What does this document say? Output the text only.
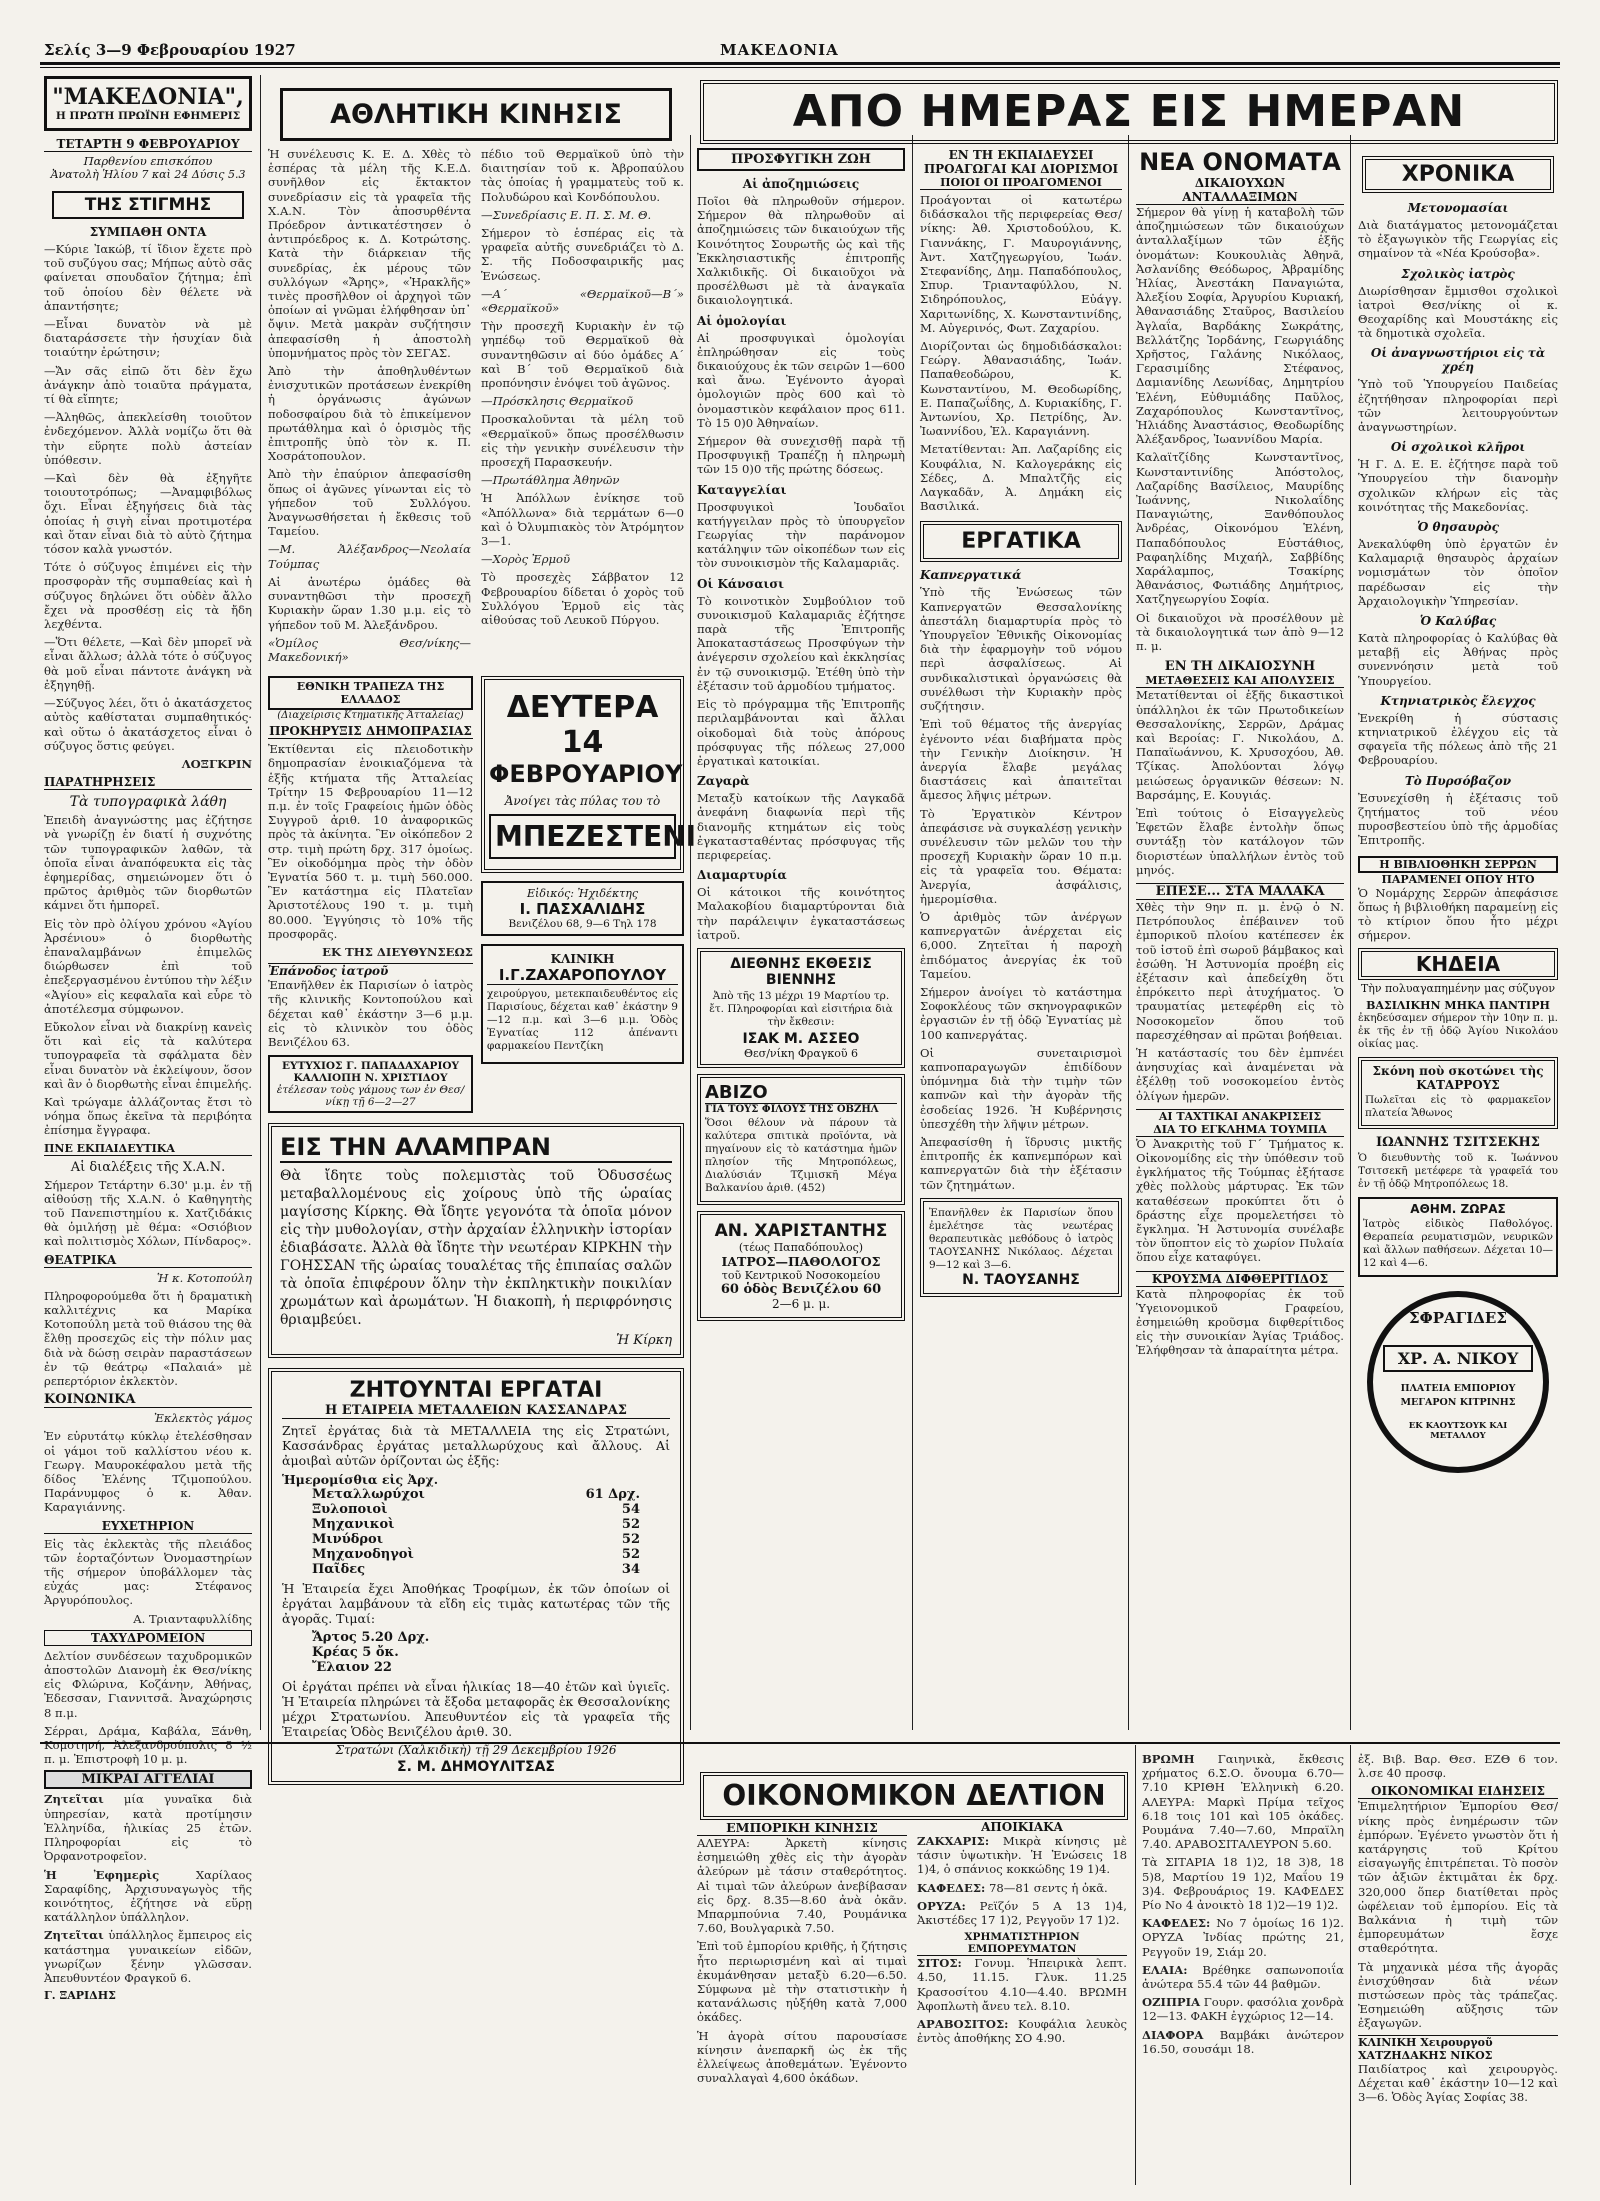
Σελίς 3—9 Φεβρουαρίου 1927	ΜΑΚΕΔΟΝΙΑ
"ΜΑΚΕΔΟΝΙΑ",
Η ΠΡΩΤΗ ΠΡΩΪΝΗ ΕΦΗΜΕΡΙΣ
ΤΕΤΑΡΤΗ 9 ΦΕΒΡΟΥΑΡΙΟΥ
Παρθενίου επισκόπου
Ἀνατολὴ Ἡλίου 7 καὶ 24 Δύσις 5.3
ΤΗΣ ΣΤΙΓΜΗΣ
ΣΥΜΠΑΘΗ ΟΝΤΑ

—Κύριε Ἰακώβ, τί ἴδιον ἔχετε πρὸ τοῦ συζύγου σας; Μήπως αὐτὸ σᾶς φαίνεται σπουδαῖον ζήτημα; ἐπὶ τοῦ ὁποίου δὲν θέλετε νὰ ἀπαντήσητε;

—Εἶναι δυνατὸν νὰ μὲ διαταράσσετε τὴν ἡσυχίαν διὰ τοιαύτην ἐρώτησιν;

—Ἄν σᾶς εἰπῶ ὅτι δὲν ἔχω ἀνάγκην ἀπὸ τοιαῦτα πράγματα, τί θὰ εἴπητε;

—Ἀληθῶς, ἀπεκλείσθη τοιοῦτον ἐνδεχόμενον. Ἀλλὰ νομίζω ὅτι θὰ τὴν εὕρητε πολὺ ἀστείαν ὑπόθεσιν.

—Καὶ δὲν θὰ ἐξηγῆτε τοιουτοτρόπως; —Ἀναμφιβόλως ὄχι. Εἶναι ἐξηγήσεις διὰ τὰς ὁποίας ἡ σιγὴ εἶναι προτιμοτέρα καὶ ὅταν εἶναι διὰ τὸ αὐτὸ ζήτημα τόσον καλὰ γνωστόν.

Τότε ὁ σύζυγος ἐπιμένει εἰς τὴν προσφορὰν τῆς συμπαθείας καὶ ἡ σύζυγος δηλώνει ὅτι οὐδὲν ἄλλο ἔχει νὰ προσθέσῃ εἰς τὰ ἤδη λεχθέντα.

—Ὅτι θέλετε, —Καὶ δὲν μπορεῖ νὰ εἶναι ἄλλωσ; ἀλλὰ τότε ὁ σύζυγος θὰ μοῦ εἶναι πάντοτε ἀνάγκη νὰ ἐξηγηθῇ.

—Σύζυγος λέει, ὅτι ὁ ἀκατάσχετος αὐτὸς καθίσταται συμπαθητικός· καὶ οὕτω ὁ ἀκατάσχετος εἶναι ὁ σύζυγος ὅστις φεύγει.

ΛΟΞΓΚΡΙΝ

ΠΑΡΑΤΗΡΗΣΕΙΣ
Τὰ τυπογραφικὰ λάθη

Ἐπειδὴ ἀναγνώστης μας ἐζήτησε νὰ γνωρίζῃ ἐν διατί ἡ συχνότης τῶν τυπογραφικῶν λαθῶν, τὰ ὁποῖα εἶναι ἀναπόφευκτα εἰς τὰς ἐφημερίδας, σημειώνομεν ὅτι ὁ πρῶτος ἀριθμὸς τῶν διορθωτῶν κάμνει ὅτι ἠμπορεῖ.

Εἰς τὸν πρὸ ὀλίγου χρόνου «Ἀγίου Ἀρσένιου» ὁ διορθωτὴς ἐπαναλαμβάνων ἐπιμελῶς διώρθωσεν ἐπὶ τοῦ ἐπεξεργασμένου ἐντύπου τὴν λέξιν «Ἀγίου» εἰς κεφαλαῖα καὶ εὗρε τὸ ἀποτέλεσμα σύμφωνον.

Εὔκολον εἶναι νὰ διακρίνῃ κανεὶς ὅτι καὶ εἰς τὰ καλύτερα τυπογραφεῖα τὰ σφάλματα δὲν εἶναι δυνατὸν νὰ ἐκλείψουν, ὅσον καὶ ἂν ὁ διορθωτὴς εἶναι ἐπιμελής.

Καὶ τρώγαμε ἀλλάζοντας ἔτσι τὸ νόημα ὅπως ἐκεῖνα τὰ περιβόητα ἐπίσημα ἔγγραφα.

ΠΝΕ ΕΚΠΑΙΔΕΥΤΙΚΑ
Αἱ διαλέξεις τῆς Χ.Α.Ν.

Σήμερον Τετάρτην 6.30' μ.μ. ἐν τῇ αἰθούσῃ τῆς Χ.Α.Ν. ὁ Καθηγητὴς τοῦ Πανεπιστημίου κ. Χατζιδάκις θὰ ὁμιλήσῃ μὲ θέμα: «Οσιόβιον καὶ πολιτισμὸς Χόλων, Πίνδαρος».

ΘΕΑΤΡΙΚΑ

Ἡ κ. Κοτοπούλη

Πληροφορούμεθα ὅτι ἡ δραματικὴ καλλιτέχνις κα Μαρίκα Κοτοπούλη μετὰ τοῦ θιάσου της θὰ ἔλθῃ προσεχῶς εἰς τὴν πόλιν μας διὰ νὰ δώσῃ σειρὰν παραστάσεων ἐν τῷ θεάτρῳ «Παλαιά» μὲ ρεπερτόριον ἐκλεκτὸν.

ΚΟΙΝΩΝΙΚΑ

Ἐκλεκτὸς γάμος

Ἐν εὐρυτάτῳ κύκλῳ ἐτελέσθησαν οἱ γάμοι τοῦ καλλίστου νέου κ. Γεωργ. Μαυροκέφαλου μετὰ τῆς δίδος Ἐλένης Τζιμοπούλου. Παράνυμφος ὁ κ. Ἀθαν. Καραγιάννης.

ΕΥΧΕΤΗΡΙΟΝ

Εἰς τὰς ἐκλεκτὰς τῆς πλειάδος τῶν ἑορταζόντων Ὀνομαστηρίων τῆς σήμερον ὑποβάλλομεν τὰς εὐχάς μας: Στέφανος Ἀργυρόπουλος.

Α. Τριανταφυλλίδης

ΤΑΧΥΔΡΟΜΕΙΟΝ

Δελτίον συνδέσεων ταχυδρομικῶν ἀποστολῶν Διανομὴ ἐκ Θεσ/νίκης εἰς Φλώρινα, Κοζάνην, Ἀθήνας, Ἐδεσσαν, Γιαννιτσᾶ. Ἀναχώρησις 8 π.μ.

Σέρραι, Δράμα, Καβάλα, Ξάνθη, Κομοτηνή, Ἀλεξανδρούπολις 8 ½ π. μ. Ἐπιστροφὴ 10 μ. μ.

ΜΙΚΡΑΙ ΑΓΓΕΛΙΑΙ

Ζητεῖται μία γυναῖκα διὰ ὑπηρεσίαν, κατὰ προτίμησιν Ἑλληνίδα, ἡλικίας 25 ἐτῶν. Πληροφορίαι εἰς τὸ Ὀρφανοτροφεῖον.

Ἡ Ἐφημερὶς Χαρίλαος Σαραφίδης, Ἀρχισυναγωγὸς τῆς κοινότητος, ἐζήτησε νὰ εὕρῃ κατάλληλον ὑπάλληλον.

Ζητεῖται ὑπάλληλος ἔμπειρος εἰς κατάστημα γυναικείων εἰδῶν, γνωρίζων ξένην γλῶσσαν. Ἀπευθυντέον Φραγκοῦ 6.

Γ. ΞΑΡΙΔΗΣ
ΑΘΛΗΤΙΚΗ ΚΙΝΗΣΙΣ

Ἡ συνέλευσις Κ. Ε. Δ. Χθὲς τὸ ἑσπέρας τὰ μέλη τῆς Κ.Ε.Δ. συνῆλθον εἰς ἔκτακτον συνεδρίασιν εἰς τὰ γραφεῖα τῆς Χ.Α.Ν. Τὸν ἀποσυρθέντα Πρόεδρον ἀντικατέστησεν ὁ ἀντιπρόεδρος κ. Δ. Κοτρώτσης. Κατὰ τὴν διάρκειαν τῆς συνεδρίας, ἐκ μέρους τῶν συλλόγων «Ἄρης», «Ἡρακλῆς» τινὲς προσῆλθον οἱ ἀρχηγοὶ τῶν ὁποίων αἱ γνῶμαι ἐλήφθησαν ὑπ᾽ ὄψιν. Μετὰ μακρὰν συζήτησιν ἀπεφασίσθη ἡ ἀποστολὴ ὑπομνήματος πρὸς τὸν ΣΕΓΑΣ.

Ἀπὸ τὴν ἀποθηλυθέντων ἐνισχυτικῶν προτάσεων ἐνεκρίθη ἡ ὀργάνωσις ἀγώνων ποδοσφαίρου διὰ τὸ ἐπικείμενον πρωτάθλημα καὶ ὁ ὁρισμὸς τῆς ἐπιτροπῆς ὑπὸ τὸν κ. Π. Χοσράτοπουλον.

Ἀπὸ τὴν ἐπαύριον ἀπεφασίσθη ὅπως οἱ ἀγῶνες γίνωνται εἰς τὸ γήπεδον τοῦ Συλλόγου. Ἀναγνωσθήσεται ἡ ἔκθεσις τοῦ Ταμείου.

—Μ. Ἀλέξανδρος—Νεολαία Τούμπας

Αἱ ἀνωτέρω ὁμάδες θὰ συναντηθῶσι τὴν προσεχῆ Κυριακὴν ὥραν 1.30 μ.μ. εἰς τὸ γήπεδον τοῦ Μ. Ἀλεξάνδρου.

«Ὁμίλος Θεσ/νίκης—Μακεδονική»

πέδιο τοῦ Θερμαϊκοῦ ὑπὸ τὴν διαιτησίαν τοῦ κ. Ἀβροπαύλου τὰς ὁποίας ἡ γραμματεὺς τοῦ κ. Πολυδώρου καὶ Κονδόπουλου.

—Συνεδρίασις Ε. Π. Σ. Μ. Θ.

Σήμερον τὸ ἑσπέρας εἰς τὰ γραφεῖα αὐτῆς συνεδριάζει τὸ Δ. Σ. τῆς Ποδοσφαιρικῆς μας Ἑνώσεως.

—Α΄ «Θερμαϊκοῦ—Β΄» «Θερμαϊκοῦ»

Τὴν προσεχῆ Κυριακὴν ἐν τῷ γηπέδῳ τοῦ Θερμαϊκοῦ θὰ συναντηθῶσιν αἱ δύο ὁμάδες Α΄ καὶ Β΄ τοῦ Θερμαϊκοῦ διὰ προπόνησιν ἐνόψει τοῦ ἀγῶνος.

—Πρόσκλησις Θερμαϊκοῦ

Προσκαλοῦνται τὰ μέλη τοῦ «Θερμαϊκοῦ» ὅπως προσέλθωσιν εἰς τὴν γενικὴν συνέλευσιν τὴν προσεχῆ Παρασκευήν.

—Πρωτάθλημα Ἀθηνῶν

Ἡ Ἀπόλλων ἐνίκησε τοῦ «Ἀπόλλωνα» διὰ τερμάτων 6—0 καὶ ὁ Ὀλυμπιακὸς τὸν Ἀτρόμητον 3—1.

—Χορὸς Ἐρμοῦ

Τὸ προσεχὲς Σάββατον 12 Φεβρουαρίου δίδεται ὁ χορὸς τοῦ Συλλόγου Ἐρμοῦ εἰς τὰς αἰθούσας τοῦ Λευκοῦ Πύργου.

ΕΘΝΙΚΗ ΤΡΑΠΕΖΑ ΤΗΣ ΕΛΛΑΔΟΣ
(Διαχείρισις Κτηματικῆς Ἀτταλείας)
ΠΡΟΚΗΡΥΞΙΣ ΔΗΜΟΠΡΑΣΙΑΣ

Ἐκτίθενται εἰς πλειοδοτικὴν δημοπρασίαν ἐνοικιαζόμενα τὰ ἑξῆς κτήματα τῆς Ἀτταλείας Τρίτην 15 Φεβρουαρίου 11—12 π.μ. ἐν τοῖς Γραφείοις ἡμῶν ὁδὸς Συγγροῦ ἀριθ. 10 ἀναφορικῶς πρὸς τὰ ἀκίνητα. Ἓν οἰκόπεδον 2 στρ. τιμὴ πρώτη δρχ. 317 ὁμοίως. Ἓν οἰκοδόμημα πρὸς τὴν ὁδὸν Ἐγνατία 560 τ. μ. τιμὴ 560.000. Ἓν κατάστημα εἰς Πλατεῖαν Ἀριστοτέλους 190 τ. μ. τιμὴ 80.000. Ἐγγύησις τὸ 10% τῆς προσφορᾶς.

ΕΚ ΤΗΣ ΔΙΕΥΘΥΝΣΕΩΣ

Ἐπάνοδος ἰατροῦ

Ἐπανῆλθεν ἐκ Παρισίων ὁ ἰατρὸς τῆς κλινικῆς Κοντοπούλου καὶ δέχεται καθ᾽ ἑκάστην 3—6 μ.μ. εἰς τὸ κλινικὸν του ὁδὸς Βενιζέλου 63.

ΕΥΤΥΧΙΟΣ Γ. ΠΑΠΑΔΑΧΑΡΙΟΥ
ΚΑΛΛΙΟΠΗ Ν. ΧΡΙΣΤΙΔΟΥ
ἐτέλεσαν τοὺς γάμους των ἐν Θεσ/νίκῃ τῇ 6—2—27
ΔΕΥΤΕΡΑ
14
ΦΕΒΡΟΥΑΡΙΟΥ
Ἀνοίγει τὰς πύλας του τὸ
ΜΠΕΖΕΣΤΕΝΙ
Εἰδικός: Ἠχιδέκτης
Ι. ΠΑΣΧΑΛΙΔΗΣ
Βενιζέλου 68, 9—6 Τηλ 178
ΚΛΙΝΙΚΗ
Ι.Γ.ΖΑΧΑΡΟΠΟΥΛΟΥ

χειρούργου, μετεκπαιδευθέντος εἰς Παρισίους, δέχεται καθ᾽ ἑκάστην 9—12 π.μ. καὶ 3—6 μ.μ. Ὁδὸς Ἐγνατίας 112 ἀπέναντι φαρμακείου Πεντζίκη

ΕΙΣ ΤΗΝ ΑΛΑΜΠΡΑΝ

Θὰ ἴδητε τοὺς πολεμιστὰς τοῦ Ὀδυσσέως μεταβαλλομένους εἰς χοίρους ὑπὸ τῆς ὡραίας μαγίσσης Κίρκης. Θὰ ἴδητε γεγονότα τὰ ὁποῖα μόνον εἰς τὴν μυθολογίαν, στὴν ἀρχαίαν ἑλληνικὴν ἱστορίαν ἐδιαβάσατε. Ἀλλὰ θὰ ἴδητε τὴν νεωτέραν ΚΙΡΚΗΝ τὴν ΓΟΗΣΣΑΝ τῆς ὡραίας τουαλέτας τῆς ἐπιπαίας σαλῶν τὰ ὁποῖα ἐπιφέρουν ὅλην τὴν ἐκπληκτικὴν ποικιλίαν χρωμάτων καὶ ἀρωμάτων. Ἡ διακοπὴ, ἡ περιφρόνησις θριαμβεύει.

Ἡ Κίρκη
ΖΗΤΟΥΝΤΑΙ ΕΡΓΑΤΑΙ
Η ΕΤΑΙΡΕΙΑ ΜΕΤΑΛΛΕΙΩΝ ΚΑΣΣΑΝΔΡΑΣ

Ζητεῖ ἐργάτας διὰ τὰ ΜΕΤΑΛΛΕΙΑ της εἰς Στρατώνι, Κασσάνδρας ἐργάτας μεταλλωρύχους καὶ ἄλλους. Αἱ ἀμοιβαὶ αὐτῶν ὁρίζονται ὡς ἑξῆς:

Ἡμερομίσθια εἰς Ἀρχ.
Μεταλλωρύχοι	61 Δρχ.
Ξυλοποιοὶ	54
Μηχανικοὶ	52
Μινύδροι	52
Μηχανοδηγοὶ	52
Παῖδες	34

Ἡ Ἑταιρεία ἔχει Ἀποθήκας Τροφίμων, ἐκ τῶν ὁποίων οἱ ἐργάται λαμβάνουν τὰ εἴδη εἰς τιμὰς κατωτέρας τῶν τῆς ἀγορᾶς. Τιμαί:

Ἄρτος 5.20 Δρχ.
Κρέας 5 ὄκ.
Ἔλαιον 22

Οἱ ἐργάται πρέπει νὰ εἶναι ἡλικίας 18—40 ἐτῶν καὶ ὑγιεῖς. Ἡ Ἑταιρεία πληρώνει τὰ ἔξοδα μεταφορᾶς ἐκ Θεσσαλονίκης μέχρι Στρατωνίου. Ἀπευθυντέον εἰς τὰ γραφεῖα τῆς Ἑταιρείας Ὁδὸς Βενιζέλου ἀριθ. 30.

Στρατώνι (Χαλκιδικὴ) τῇ 29 Δεκεμβρίου 1926

Σ. Μ. ΔΗΜΟΥΛΙΤΣΑΣ
ΑΠΟ ΗΜΕΡΑΣ ΕΙΣ ΗΜΕΡΑΝ
ΠΡΟΣΦΥΓΙΚΗ ΖΩΗ
Αἱ ἀποζημιώσεις

Ποῖοι θὰ πληρωθοῦν σήμερον. Σήμερον θὰ πληρωθοῦν αἱ ἀποζημιώσεις τῶν δικαιούχων τῆς Κοινότητος Σουρωτῆς ὡς καὶ τῆς Ἐκκλησιαστικῆς ἐπιτροπῆς Χαλκιδικῆς. Οἱ δικαιοῦχοι νὰ προσέλθωσι μὲ τὰ ἀναγκαῖα δικαιολογητικά.

Αἱ ὁμολογίαι

Αἱ προσφυγικαὶ ὁμολογίαι ἐπληρώθησαν εἰς τοὺς δικαιούχους ἐκ τῶν σειρῶν 1—600 καὶ ἄνω. Ἐγένοντο ἀγοραὶ ὁμολογιῶν πρὸς 600 καὶ τὸ ὀνομαστικὸν κεφάλαιον προς 611. Τὸ 15 0)0 Ἀθηναίων.

Σήμερον θὰ συνεχισθῇ παρὰ τῇ Προσφυγικῇ Τραπέζῃ ἡ πληρωμὴ τῶν 15 0)0 τῆς πρώτης δόσεως.

Καταγγελίαι

Προσφυγικοὶ Ἰουδαῖοι κατήγγειλαν πρὸς τὸ ὑπουργεῖον Γεωργίας τὴν παράνομον κατάληψιν τῶν οἰκοπέδων των εἰς τὸν συνοικισμὸν τῆς Καλαμαριᾶς.

Οἱ Κάνσαισι

Τὸ κοινοτικὸν Συμβούλιον τοῦ συνοικισμοῦ Καλαμαριᾶς ἐζήτησε παρὰ τῆς Ἐπιτροπῆς Ἀποκαταστάσεως Προσφύγων τὴν ἀνέγερσιν σχολείου καὶ ἐκκλησίας ἐν τῷ συνοικισμῷ. Ἐτέθη ὑπὸ τὴν ἐξέτασιν τοῦ ἀρμοδίου τμήματος.

Εἰς τὸ πρόγραμμα τῆς Ἐπιτροπῆς περιλαμβάνονται καὶ ἄλλαι οἰκοδομαὶ διὰ τοὺς ἀπόρους πρόσφυγας τῆς πόλεως 27,000 ἐργατικαὶ κατοικίαι.

Ζαγαρὰ

Μεταξὺ κατοίκων τῆς Λαγκαδᾶ ἀνεφάνη διαφωνία περὶ τῆς διανομῆς κτημάτων εἰς τοὺς ἐγκατασταθέντας πρόσφυγας τῆς περιφερείας.

Διαμαρτυρία

Οἱ κάτοικοι τῆς κοινότητος Μαλακοβίου διαμαρτύρονται διὰ τὴν παράλειψιν ἐγκαταστάσεως ἱατροῦ.

ΔΙΕΘΝΗΣ ΕΚΘΕΣΙΣ ΒΙΕΝΝΗΣ

Ἀπὸ τῆς 13 μέχρι 19 Μαρτίου τρ. ἔτ. Πληροφορίαι καὶ εἰσιτήρια διὰ τὴν ἔκθεσιν:

ΙΣΑΚ Μ. ΑΣΣΕΟ
Θεσ/νίκη Φραγκοῦ 6
ΑΒΙΖΟ
ΓΙΑ ΤΟΥΣ ΦΙΛΟΥΣ ΤΗΣ ΟΒΖΗΛ

Ὅσοι θέλουν νὰ πάρουν τὰ καλύτερα σπιτικὰ προϊόντα, νὰ πηγαίνουν εἰς τὸ κατάστημα ἡμῶν πλησίον τῆς Μητροπόλεως, Διαλύσιάν Τζιμισκῆ Μέγα Βαλκανίου ἀριθ. (452)

ΑΝ. ΧΑΡΙΣΤΑΝΤΗΣ
(τέως Παπαδόπουλος)
ΙΑΤΡΟΣ—ΠΑΘΟΛΟΓΟΣ
τοῦ Κεντρικοῦ Νοσοκομείου
60 ὁδὸς Βενιζέλου 60
2—6 μ. μ.
ΕΝ ΤΗ ΕΚΠΑΙΔΕΥΣΕΙ
ΠΡΟΑΓΩΓΑΙ ΚΑΙ ΔΙΟΡΙΣΜΟΙ
ΠΟΙΟΙ ΟΙ ΠΡΟΑΓΟΜΕΝΟΙ

Προάγονται οἱ κατωτέρω διδάσκαλοι τῆς περιφερείας Θεσ/νίκης: Ἀθ. Χριστοδούλου, Κ. Γιαννάκης, Γ. Μαυρογιάννης, Ἀντ. Χατζηγεωργίου, Ἰωάν. Στεφανίδης, Δημ. Παπαδόπουλος, Σπυρ. Τριανταφύλλου, Ν. Σιδηρόπουλος, Εὐάγγ. Χαριτωνίδης, Χ. Κωνσταντινίδης, Μ. Αὐγερινός, Φωτ. Ζαχαρίου.

Διορίζονται ὡς δημοδιδάσκαλοι: Γεώργ. Ἀθανασιάδης, Ἰωάν. Παπαθεοδώρου, Κ. Κωνσταντίνου, Μ. Θεοδωρίδης, Ε. Παπαζωΐδης, Δ. Κυριακίδης, Γ. Ἀντωνίου, Χρ. Πετρίδης, Ἀν. Ἰωαννίδου, Ἑλ. Καραγιάννη.

Μετατίθενται: Ἀπ. Λαζαρίδης εἰς Κουφάλια, Ν. Καλογεράκης εἰς Σέδες, Δ. Μπαλτζῆς εἰς Λαγκαδᾶν, Ἀ. Δημάκη εἰς Βασιλικά.

ΕΡΓΑΤΙΚΑ
Καπνεργατικά

Ὑπὸ τῆς Ἐνώσεως τῶν Καπνεργατῶν Θεσσαλονίκης ἀπεστάλη διαμαρτυρία πρὸς τὸ Ὑπουργεῖον Ἐθνικῆς Οἰκονομίας διὰ τὴν ἐφαρμογὴν τοῦ νόμου περὶ ἀσφαλίσεως. Αἱ συνδικαλιστικαὶ ὀργανώσεις θὰ συνέλθωσι τὴν Κυριακὴν πρὸς συζήτησιν.

Ἐπὶ τοῦ θέματος τῆς ἀνεργίας ἐγένοντο νέαι διαβήματα πρὸς τὴν Γενικὴν Διοίκησιν. Ἡ ἀνεργία ἔλαβε μεγάλας διαστάσεις καὶ ἀπαιτεῖται ἄμεσος λῆψις μέτρων.

Τὸ Ἐργατικὸν Κέντρον ἀπεφάσισε νὰ συγκαλέσῃ γενικὴν συνέλευσιν τῶν μελῶν του τὴν προσεχῆ Κυριακὴν ὥραν 10 π.μ. εἰς τὰ γραφεῖα του. Θέματα: Ἀνεργία, ἀσφάλισις, ἡμερομίσθια.

Ὁ ἀριθμὸς τῶν ἀνέργων καπνεργατῶν ἀνέρχεται εἰς 6,000. Ζητεῖται ἡ παροχὴ ἐπιδόματος ἀνεργίας ἐκ τοῦ Ταμείου.

Σήμερον ἀνοίγει τὸ κατάστημα Σοφοκλέους τῶν σκηνογραφικῶν ἐργασιῶν ἐν τῇ ὁδῷ Ἐγνατίας μὲ 100 καπνεργάτας.

Οἱ συνεταιρισμοὶ καπνοπαραγωγῶν ἐπιδίδουν ὑπόμνημα διὰ τὴν τιμὴν τῶν καπνῶν καὶ τὴν ἀγορὰν τῆς ἐσοδείας 1926. Ἡ Κυβέρνησις ὑπεσχέθη τὴν λῆψιν μέτρων.

Ἀπεφασίσθη ἡ ἵδρυσις μικτῆς ἐπιτροπῆς ἐκ καπνεμπόρων καὶ καπνεργατῶν διὰ τὴν ἐξέτασιν τῶν ζητημάτων.

Ἐπανῆλθεν ἐκ Παρισίων ὅπου ἐμελέτησε τὰς νεωτέρας θεραπευτικὰς μεθόδους ὁ ἰατρὸς ΤΑΟΥΣΑΝΗΣ Νικόλαος. Δέχεται 9—12 καὶ 3—6.

Ν. ΤΑΟΥΣΑΝΗΣ
ΝΕΑ ΟΝΟΜΑΤΑ
ΔΙΚΑΙΟΥΧΩΝ ΑΝΤΑΛΛΑΞΙΜΩΝ

Σήμερον θὰ γίνῃ ἡ καταβολὴ τῶν ἀποζημιώσεων τῶν δικαιούχων ἀνταλλαξίμων τῶν ἑξῆς ὀνομάτων: Κουκουλιὰς Ἀθηνᾶ, Ἀσλανίδης Θεόδωρος, Ἀβραμίδης Ἠλίας, Ἀνεστάκη Παναγιώτα, Ἀλεξίου Σοφία, Ἀργυρίου Κυριακή, Ἀθανασιάδης Σταῦρος, Βασιλείου Ἀγλαΐα, Βαρδάκης Σωκράτης, Βελλάτζης Ἰορδάνης, Γεωργιάδης Χρῆστος, Γαλάνης Νικόλαος, Γερασιμίδης Στέφανος, Δαμιανίδης Λεωνίδας, Δημητρίου Ἑλένη, Εὐθυμιάδης Παῦλος, Ζαχαρόπουλος Κωνσταντῖνος, Ἠλιάδης Ἀναστάσιος, Θεοδωρίδης Ἀλέξανδρος, Ἰωαννίδου Μαρία.

Καλαϊτζίδης Κωνσταντῖνος, Κωνσταντινίδης Ἀπόστολος, Λαζαρίδης Βασίλειος, Μαυρίδης Ἰωάννης, Νικολαΐδης Παναγιώτης, Ξανθόπουλος Ἀνδρέας, Οἰκονόμου Ἑλένη, Παπαδόπουλος Εὐστάθιος, Ραφαηλίδης Μιχαήλ, Σαββίδης Χαράλαμπος, Τσακίρης Ἀθανάσιος, Φωτιάδης Δημήτριος, Χατζηγεωργίου Σοφία.

Οἱ δικαιοῦχοι νὰ προσέλθουν μὲ τὰ δικαιολογητικά των ἀπὸ 9—12 π. μ.

ΕΝ ΤΗ ΔΙΚΑΙΟΣΥΝΗ
ΜΕΤΑΘΕΣΕΙΣ ΚΑΙ ΑΠΟΛΥΣΕΙΣ

Μετατίθενται οἱ ἑξῆς δικαστικοὶ ὑπάλληλοι ἐκ τῶν Πρωτοδικείων Θεσσαλονίκης, Σερρῶν, Δράμας καὶ Βεροίας: Γ. Νικολάου, Δ. Παπαϊωάννου, Κ. Χρυσοχόου, Ἀθ. Τζίκας. Ἀπολύονται λόγῳ μειώσεως ὁργανικῶν θέσεων: Ν. Βαρσάμης, Ε. Κουγιάς.

Ἐπὶ τούτοις ὁ Εἰσαγγελεὺς Ἐφετῶν ἔλαβε ἐντολὴν ὅπως συντάξῃ τὸν κατάλογον τῶν διοριστέων ὑπαλλήλων ἐντὸς τοῦ μηνός.

ΕΠΕΣΕ... ΣΤΑ ΜΑΛΑΚΑ

Χθὲς τὴν 9ην π. μ. ἐνῷ ὁ Ν. Πετρόπουλος ἐπέβαινεν τοῦ ἐμπορικοῦ πλοίου κατέπεσεν ἐκ τοῦ ἱστοῦ ἐπὶ σωροῦ βάμβακος καὶ ἐσώθη. Ἡ Ἀστυνομία προέβη εἰς ἐξέτασιν καὶ ἀπεδείχθη ὅτι ἐπρόκειτο περὶ ἀτυχήματος. Ὁ τραυματίας μετεφέρθη εἰς τὸ Νοσοκομεῖον ὅπου τοῦ παρεσχέθησαν αἱ πρῶται βοήθειαι.

Ἡ κατάστασίς του δὲν ἐμπνέει ἀνησυχίας καὶ ἀναμένεται νὰ ἐξέλθῃ τοῦ νοσοκομείου ἐντὸς ὀλίγων ἡμερῶν.

ΑΙ ΤΑΧΤΙΚΑΙ ΑΝΑΚΡΙΣΕΙΣ
ΔΙΑ ΤΟ ΕΓΚΛΗΜΑ ΤΟΥΜΠΑ

Ὁ Ἀνακριτὴς τοῦ Γ΄ Τμήματος κ. Οἰκονομίδης εἰς τὴν ὑπόθεσιν τοῦ ἐγκλήματος τῆς Τούμπας ἐξήτασε χθὲς πολλοὺς μάρτυρας. Ἐκ τῶν καταθέσεων προκύπτει ὅτι ὁ δράστης εἶχε προμελετήσει τὸ ἔγκλημα. Ἡ Ἀστυνομία συνέλαβε τὸν ὕποπτον εἰς τὸ χωρίον Πυλαία ὅπου εἶχε καταφύγει.

ΚΡΟΥΣΜΑ ΔΙΦΘΕΡΙΤΙΔΟΣ

Κατὰ πληροφορίας ἐκ τοῦ Ὑγειονομικοῦ Γραφείου, ἐσημειώθη κροῦσμα διφθερίτιδος εἰς τὴν συνοικίαν Ἁγίας Τριάδος. Ἐλήφθησαν τὰ ἀπαραίτητα μέτρα.

ΧΡΟΝΙΚΑ
Μετονομασίαι

Διὰ διατάγματος μετονομάζεται τὸ ἐξαγωγικὸν τῆς Γεωργίας εἰς σημαίνον τὰ «Νέα Κρούσοβα».

Σχολικὸς ἰατρὸς

Διωρίσθησαν ἔμμισθοι σχολικοὶ ἰατροὶ Θεσ/νίκης οἱ κ. Θεοχαρίδης καὶ Μουστάκης εἰς τὰ δημοτικὰ σχολεῖα.

Οἱ ἀναγνωστήριοι εἰς τὰ χρέη

Ὑπὸ τοῦ Ὑπουργείου Παιδείας ἐζητήθησαν πληροφορίαι περὶ τῶν λειτουργούντων ἀναγνωστηρίων.

Οἱ σχολικοὶ κλῆροι

Ἡ Γ. Δ. Ε. Ε. ἐζήτησε παρὰ τοῦ Ὑπουργείου τὴν διανομὴν σχολικῶν κλήρων εἰς τὰς κοινότητας τῆς Μακεδονίας.

Ὁ θησαυρὸς

Ἀνεκαλύφθη ὑπὸ ἐργατῶν ἐν Καλαμαριᾷ θησαυρὸς ἀρχαίων νομισμάτων τὸν ὁποῖον παρέδωσαν εἰς τὴν Ἀρχαιολογικὴν Ὑπηρεσίαν.

Ὁ Καλύβας

Κατὰ πληροφορίας ὁ Καλύβας θὰ μεταβῇ εἰς Ἀθήνας πρὸς συνεννόησιν μετὰ τοῦ Ὑπουργείου.

Κτηνιατρικὸς ἔλεγχος

Ἐνεκρίθη ἡ σύστασις κτηνιατρικοῦ ἐλέγχου εἰς τὰ σφαγεῖα τῆς πόλεως ἀπὸ τῆς 21 Φεβρουαρίου.

Τὸ Πυρσόβαζον

Ἐσυνεχίσθη ἡ ἐξέτασις τοῦ ζητήματος τοῦ νέου πυροσβεστείου ὑπὸ τῆς ἁρμοδίας Ἐπιτροπῆς.

Η ΒΙΒΛΙΟΘΗΚΗ ΣΕΡΡΩΝ
ΠΑΡΑΜΕΝΕΙ ΟΠΟΥ ΗΤΟ

Ὁ Νομάρχης Σερρῶν ἀπεφάσισε ὅπως ἡ βιβλιοθήκη παραμείνῃ εἰς τὸ κτίριον ὅπου ἦτο μέχρι σήμερον.

ΚΗΔΕΙΑ

Τὴν πολυαγαπημένην μας σύζυγον

ΒΑΣΙΛΙΚΗΝ ΜΗΚΑ ΠΑΝΤΙΡΗ

ἐκηδεύσαμεν σήμερον τὴν 10ην π. μ. ἐκ τῆς ἐν τῇ ὁδῷ Ἀγίου Νικολάου οἰκίας μας.

Σκόνη ποὺ σκοτώνει τὴς ΚΑΤΑΡΡΟΥΣ

Πωλεῖται εἰς τὸ φαρμακεῖον πλατεία Ἄθωνος

ΙΩΑΝΝΗΣ ΤΣΙΤΣΕΚΗΣ

Ὁ διευθυντὴς τοῦ κ. Ἰωάννου Τσιτσεκῆ μετέφερε τὰ γραφεῖά του ἐν τῇ ὁδῷ Μητροπόλεως 18.

ΑΘΗΜ. ΖΩΡΑΣ

Ἰατρὸς εἰδικὸς Παθολόγος. Θεραπεία ρευματισμῶν, νευρικῶν καὶ ἄλλων παθήσεων. Δέχεται 10—12 καὶ 4—6.

ΣΦΡΑΓΙΔΕΣ
ΧΡ. Α. ΝΙΚΟΥ
ΠΛΑΤΕΙΑ ΕΜΠΟΡΙΟΥ
ΜΕΓΑΡΟΝ ΚΙΤΡΙΝΗΣ
ΕΚ ΚΑΟΥΤΣΟΥΚ ΚΑΙ ΜΕΤΑΛΛΟΥ
ΟΙΚΟΝΟΜΙΚΟΝ ΔΕΛΤΙΟΝ
ΕΜΠΟΡΙΚΗ ΚΙΝΗΣΙΣ

ΑΛΕΥΡΑ: Ἀρκετὴ κίνησις ἐσημειώθη χθὲς εἰς τὴν ἀγορὰν ἀλεύρων μὲ τάσιν σταθερότητος. Αἱ τιμαὶ τῶν ἀλεύρων ἀνεβίβασαν εἰς δρχ. 8.35—8.60 ἀνὰ ὀκᾶν. Μπαρμπούνια 7.40, Ρουμάνικα 7.60, Βουλγαρικὰ 7.50.

Ἐπὶ τοῦ ἐμπορίου κριθῆς, ἡ ζήτησις ἦτο περιωρισμένη καὶ αἱ τιμαὶ ἐκυμάνθησαν μεταξὺ 6.20—6.50. Σύμφωνα μὲ τὴν στατιστικὴν ἡ κατανάλωσις ηὐξήθη κατὰ 7,000 ὀκάδες.

Ἡ ἀγορὰ σίτου παρουσίασε κίνησιν ἀνεπαρκῆ ὡς ἐκ τῆς ἐλλείψεως ἀποθεμάτων. Ἐγένοντο συναλλαγαὶ 4,600 ὀκάδων.

ΑΠΟΙΚΙΑΚΑ

ΖΑΚΧΑΡΙΣ: Μικρὰ κίνησις μὲ τάσιν ὑψωτικὴν. Ἡ Ἑνώσεις 18 1)4, ὁ σπάνιος κοκκώδης 19 1)4.

ΚΑΦΕΔΕΣ: 78—81 σεντς ἡ ὀκᾶ.

ΟΡΥΖΑ: Ρεϊζόν 5 Α 13 1)4, Ἀκιστέδες 17 1)2, Ρεγγοῦν 17 1)2.

ΧΡΗΜΑΤΙΣΤΗΡΙΟΝ ΕΜΠΟΡΕΥΜΑΤΩΝ

ΣΙΤΟΣ: Γονυμ. Ἡπειρικὰ λεπτ. 4.50, 11.15. Γλυκ. 11.25 Κρασοσίτου 4.10—4.40. ΒΡΩΜΗ Ἀφοπλωτὴ ἄνευ τελ. 8.10.

ΑΡΑΒΟΣΙΤΟΣ: Κουφάλια λευκὸς ἐντὸς ἀποθήκης ΣΟ 4.90.

ΒΡΩΜΗ Γαιηνικὰ, ἔκθεσις χρήματος 6.Σ.Ο. ὄνουμα 6.70—7.10 ΚΡΙΘΗ Ἐλληνικὴ 6.20. ΑΛΕΥΡΑ: Μαρκὶ Πρίμα τεῖχος 6.18 τοις 101 καὶ 105 ὀκάδες. Ρουμάνα 7.40—7.60, Μπραϊλη 7.40. ΑΡΑΒΟΣΙΤΑΛΕΥΡΟΝ 5.60.

Τὰ ΣΙΤΑΡΙΑ 18 1)2, 18 3)8, 18 5)8, Μαρτίου 19 1)2, Μαΐου 19 3)4. Φεβρουάριος 19. ΚΑΦΕΔΕΣ Ρίο Νο 4 ἀνοικτὸ 18 1)2—19 1)2.

ΚΑΦΕΔΕΣ: Νο 7 ὁμοίως 16 1)2. ΟΡΥΖΑ Ἰνδίας πρώτης 21, Ρεγγοῦν 19, Σιάμ 20.

ΕΛΑΙΑ: Βρέθηκε σαπωνοποιΐα ἀνώτερα 55.4 τῶν 44 βαθμῶν.

ΟΖΙΠΡΙΑ Γουρν. φασόλια χονδρὰ 12—13. ΦΑΚΗ ἐγχώριος 12—14.

ΔΙΑΦΟΡΑ Βαμβάκι ἀνώτερον 16.50, σουσάμι 18.

ἐξ. Βιβ. Βαρ. Θεσ. ΕΖΘ 6 τον. λ.σε 40 προσφ.

ΟΙΚΟΝΟΜΙΚΑΙ ΕΙΔΗΣΕΙΣ

Ἐπιμελητήριον Ἐμπορίου Θεσ/νίκης πρὸς ἐνημέρωσιν τῶν ἐμπόρων. Ἐγένετο γνωστὸν ὅτι ἡ κατάργησις τοῦ Κρίτου εἰσαγωγῆς ἐπιτρέπεται. Τὸ ποσὸν τῶν ἀξιῶν ἐκτιμᾶται ἐκ δρχ. 320,000 ὅπερ διατίθεται πρὸς ὠφέλειαν τοῦ ἐμπορίου. Εἰς τὰ Βαλκάνια ἡ τιμὴ τῶν ἐμπορευμάτων ἔσχε σταθερότητα.

Τὰ μηχανικὰ μέσα τῆς ἀγορᾶς ἐνισχύθησαν διὰ νέων πιστώσεων πρὸς τὰς τράπεζας. Ἐσημειώθη αὔξησις τῶν ἐξαγωγῶν.

ΚΛΙΝΙΚΗ Χειρουργοῦ
ΧΑΤΖΗΔΑΚΗΣ ΝΙΚΟΣ

Παιδίατρος καὶ χειρουργὸς. Δέχεται καθ᾽ ἑκάστην 10—12 καὶ 3—6. Ὁδὸς Ἁγίας Σοφίας 38.
